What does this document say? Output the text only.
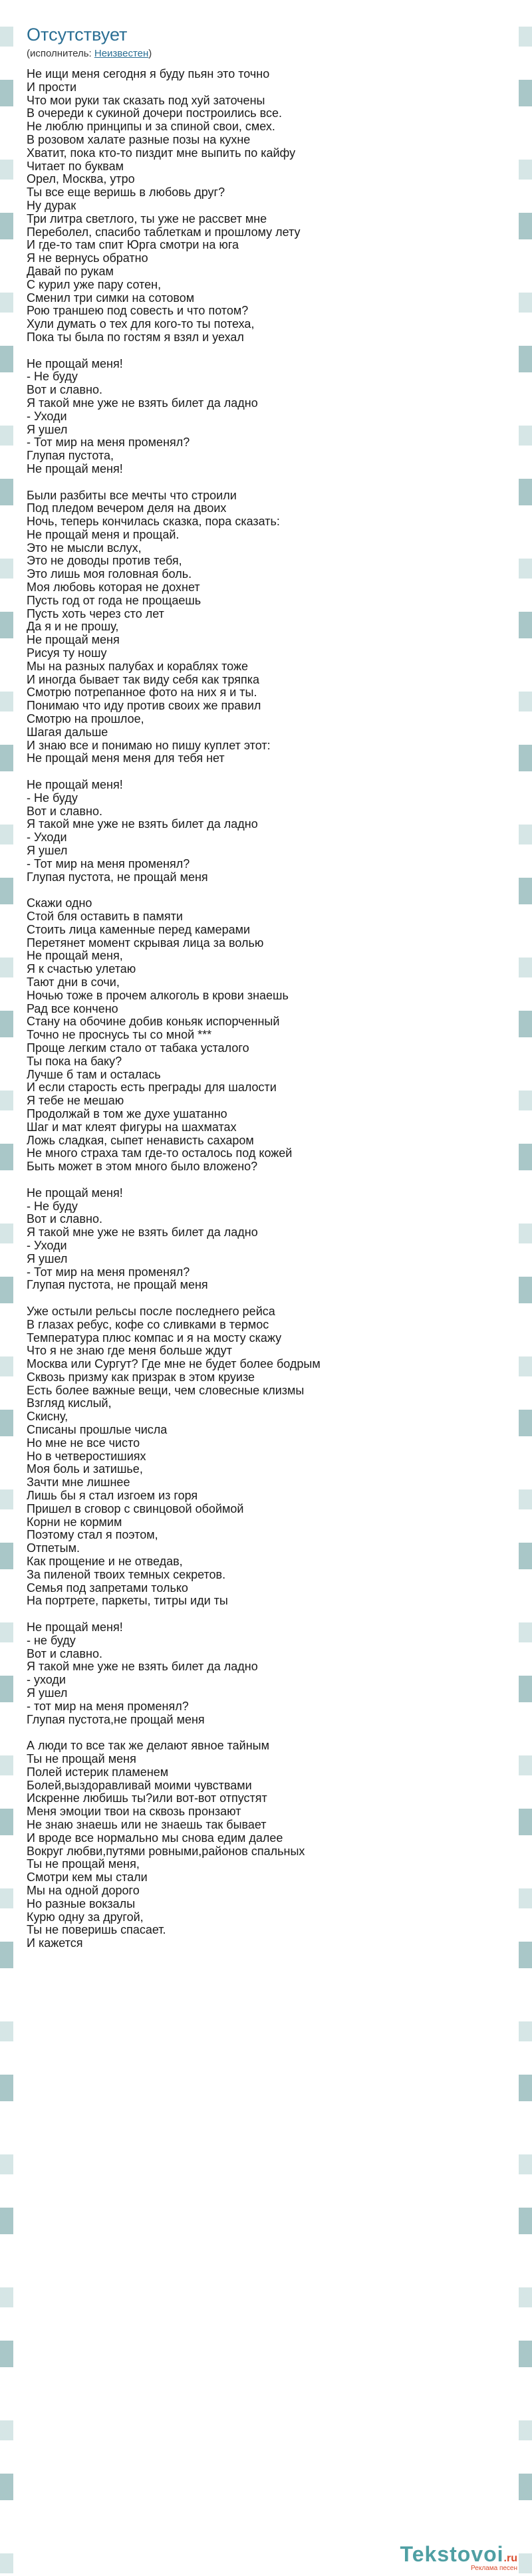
Отсутствует
(исполнитель: Неизвестен)
Не ищи меня сегодня я буду пьян это точно
И прости
Что мои руки так сказать под хуй заточены
В очереди к сукиной дочери построились все.
Не люблю принципы и за спиной свои, смех.
В розовом халате разные позы на кухне
Хватит, пока кто-то пиздит мне выпить по кайфу
Читает по буквам
Орел, Москва, утро
Ты все еще веришь в любовь друг?
Ну дурак
Три литра светлого, ты уже не рассвет мне
Переболел, спасибо таблеткам и прошлому лету
И где-то там спит Юрга смотри на юга
Я не вернусь обратно
Давай по рукам
С курил уже пару сотен,
Сменил три симки на сотовом
Рою траншею под совесть и что потом?
Хули думать о тех для кого-то ты потеха,
Пока ты была по гостям я взял и уехал
Не прощай меня!
- Не буду
Вот и славно.
Я такой мне уже не взять билет да ладно
- Уходи
Я ушел
- Тот мир на меня променял?
Глупая пустота,
Не прощай меня!
Были разбиты все мечты что строили
Под пледом вечером деля на двоих
Ночь, теперь кончилась сказка, пора сказать:
Не прощай меня и прощай.
Это не мысли вслух,
Это не доводы против тебя,
Это лишь моя головная боль.
Моя любовь которая не дохнет
Пусть год от года не прощаешь
Пусть хоть через сто лет
Да я и не прошу,
Не прощай меня
Рисуя ту ношу
Мы на разных палубах и кораблях тоже
И иногда бывает так виду себя как тряпка
Смотрю потрепанное фото на них я и ты.
Понимаю что иду против своих же правил
Смотрю на прошлое,
Шагая дальше
И знаю все и понимаю но пишу куплет этот:
Не прощай меня меня для тебя нет
Не прощай меня!
- Не буду
Вот и славно.
Я такой мне уже не взять билет да ладно
- Уходи
Я ушел
- Тот мир на меня променял?
Глупая пустота, не прощай меня
Скажи одно
Стой бля оставить в памяти
Стоить лица каменные перед камерами
Перетянет момент скрывая лица за волью
Не прощай меня,
Я к счастью улетаю
Тают дни в сочи,
Ночью тоже в прочем алкоголь в крови знаешь
Рад все кончено
Стану на обочине добив коньяк испорченный
Точно не проснусь ты со мной ***
Проще легким стало от табака усталого
Ты пока на баку?
Лучше б там и осталась
И если старость есть преграды для шалости
Я тебе не мешаю
Продолжай в том же духе ушатанно
Шаг и мат клеят фигуры на шахматах
Ложь сладкая, сыпет ненависть сахаром
Не много страха там где-то осталось под кожей
Быть может в этом много было вложено?
Не прощай меня!
- Не буду
Вот и славно.
Я такой мне уже не взять билет да ладно
- Уходи
Я ушел
- Тот мир на меня променял?
Глупая пустота, не прощай меня
Уже остыли рельсы после последнего рейса
В глазах ребус, кофе со сливками в термос
Температура плюс компас и я на мосту скажу
Что я не знаю где меня больше ждут
Москва или Сургут? Где мне не будет более бодрым
Сквозь призму как призрак в этом круизе
Есть более важные вещи, чем словесные клизмы
Взгляд кислый,
Скисну,
Списаны прошлые числа
Но мне не все чисто
Но в четверостишиях
Моя боль и затишье,
Зачти мне лишнее
Лишь бы я стал изгоем из горя
Пришел в сговор с свинцовой обоймой
Корни не кормим
Поэтому стал я поэтом,
Отпетым.
Как прощение и не отведав,
За пиленой твоих темных секретов.
Семья под запретами только
На портрете, паркеты, титры иди ты
Не прощай меня!
- не буду
Вот и славно.
Я такой мне уже не взять билет да ладно
- уходи
Я ушел
- тот мир на меня променял?
Глупая пустота,не прощай меня
А люди то все так же делают явное тайным
Ты не прощай меня
Полей истерик пламенем
Болей,выздоравливай моими чувствами
Искренне любишь ты?или вот-вот отпустят
Меня эмоции твои на сквозь пронзают
Не знаю знаешь или не знаешь так бывает
И вроде все нормально мы снова едим далее
Вокруг любви,путями ровными,районов спальных
Ты не прощай меня,
Смотри кем мы стали
Мы на одной дорого
Но разные вокзалы
Курю одну за другой,
Ты не поверишь спасает.
И кажется
Tekstovoi.ru
Реклама песен
